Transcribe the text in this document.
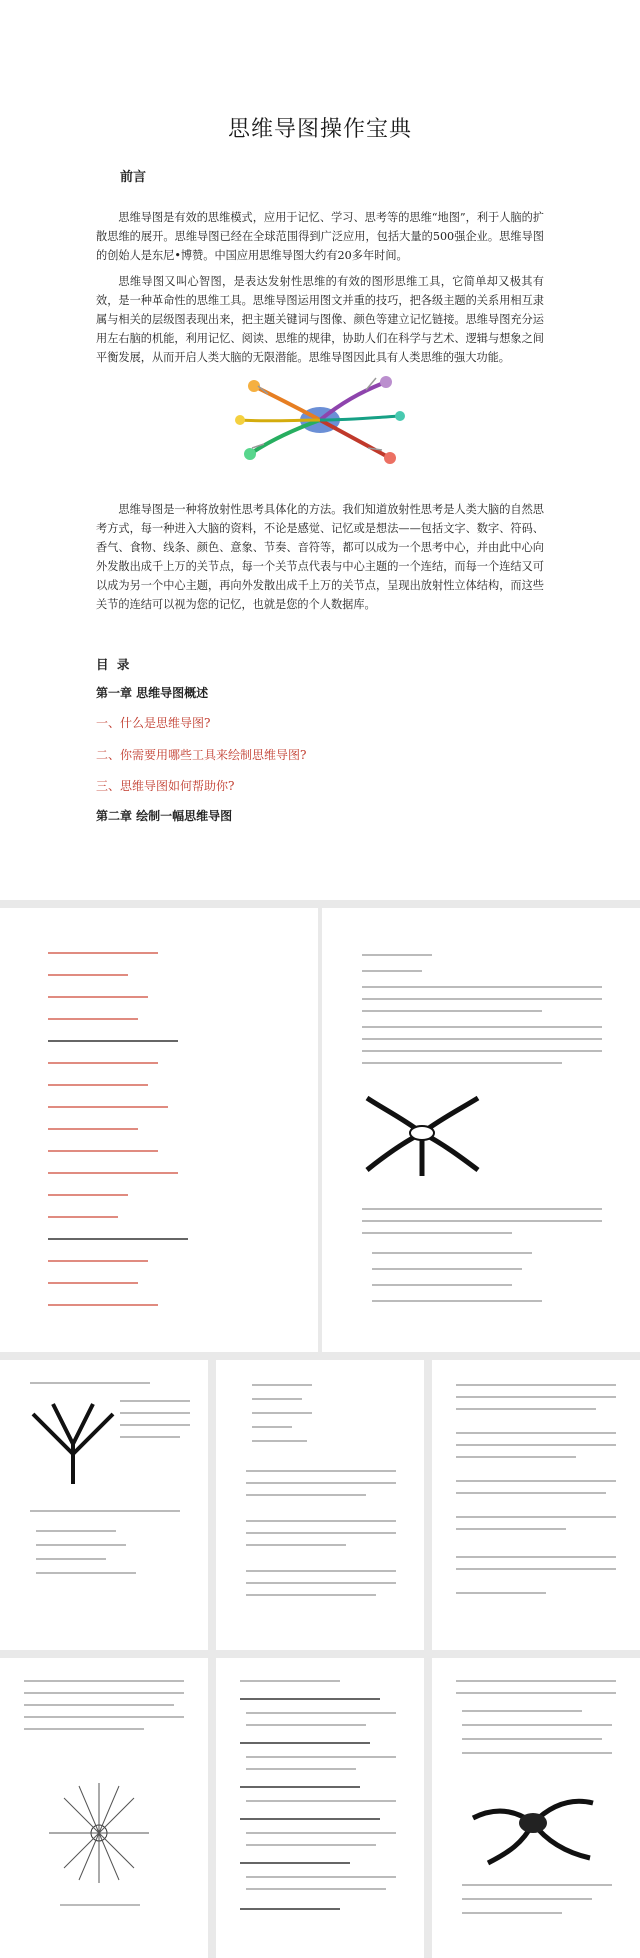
思维导图操作宝典
前言
思维导图是有效的思维模式，应用于记忆、学习、思考等的思维“地图”，利于人脑的扩散思维的展开。思维导图已经在全球范围得到广泛应用，包括大量的500强企业。思维导图的创始人是东尼•博赞。中国应用思维导图大约有20多年时间。
思维导图又叫心智图，是表达发射性思维的有效的图形思维工具，它简单却又极其有效，是一种革命性的思维工具。思维导图运用图文并重的技巧，把各级主题的关系用相互隶属与相关的层级图表现出来，把主题关键词与图像、颜色等建立记忆链接。思维导图充分运用左右脑的机能，利用记忆、阅读、思维的规律，协助人们在科学与艺术、逻辑与想象之间平衡发展，从而开启人类大脑的无限潜能。思维导图因此具有人类思维的强大功能。
思维导图是一种将放射性思考具体化的方法。我们知道放射性思考是人类大脑的自然思考方式，每一种进入大脑的资料，不论是感觉、记忆或是想法——包括文字、数字、符码、香气、食物、线条、颜色、意象、节奏、音符等，都可以成为一个思考中心，并由此中心向外发散出成千上万的关节点，每一个关节点代表与中心主题的一个连结，而每一个连结又可以成为另一个中心主题，再向外发散出成千上万的关节点，呈现出放射性立体结构，而这些关节的连结可以视为您的记忆，也就是您的个人数据库。
目 录
第一章 思维导图概述
一、什么是思维导图?
二、你需要用哪些工具来绘制思维导图?
三、思维导图如何帮助你?
第二章 绘制一幅思维导图
